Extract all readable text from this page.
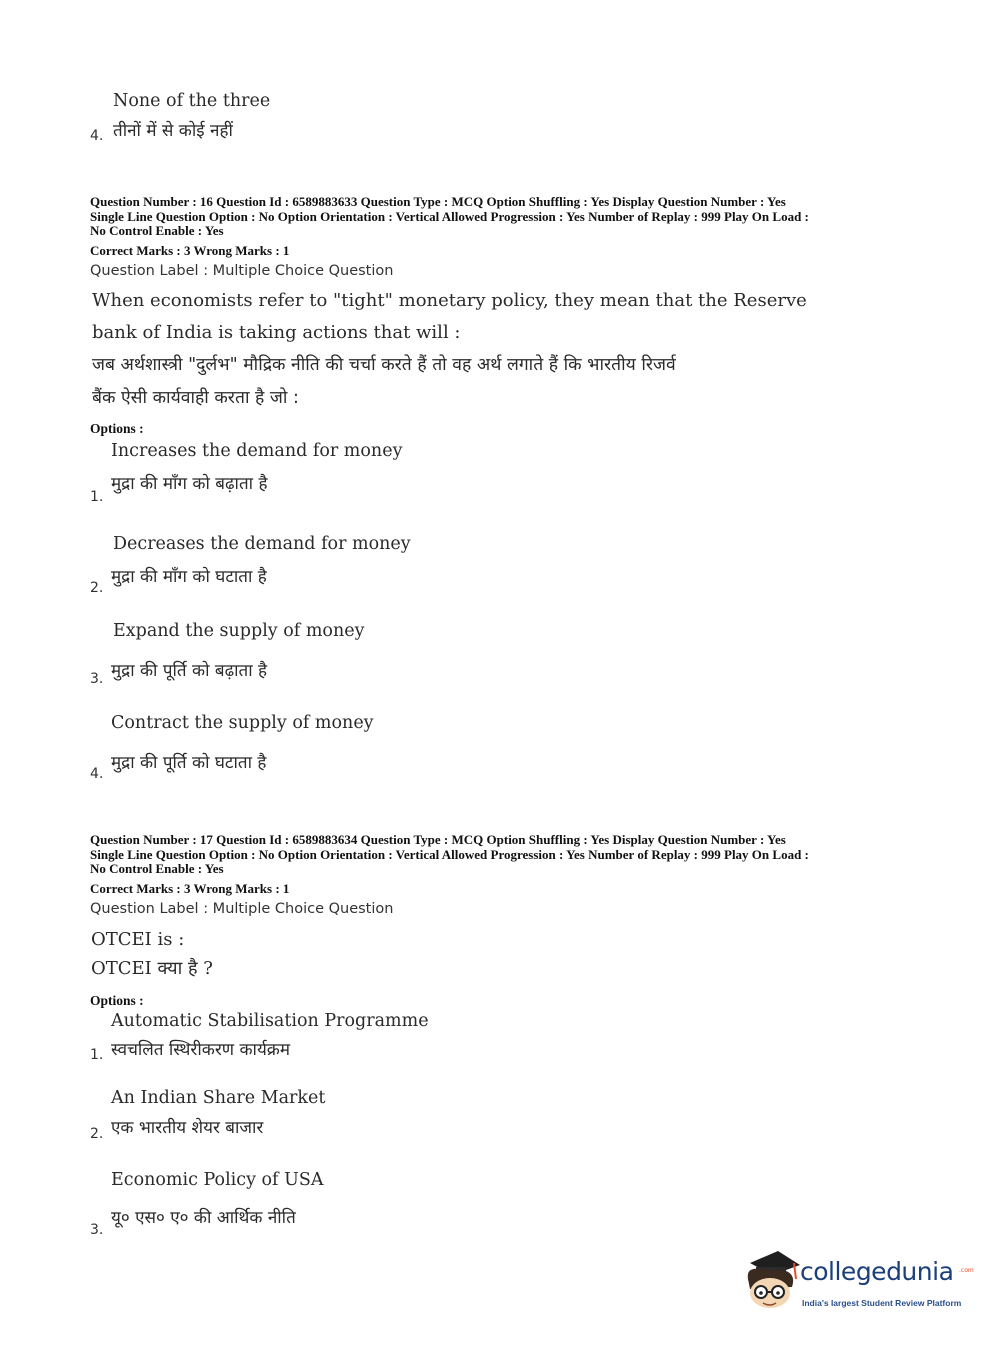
None of the three
4. तीनों में से कोई नहीं
Question Number : 16 Question Id : 6589883633 Question Type : MCQ Option Shuffling : Yes Display Question Number : Yes
Single Line Question Option : No Option Orientation : Vertical Allowed Progression : Yes Number of Replay : 999 Play On Load :
No Control Enable : Yes
Correct Marks : 3 Wrong Marks : 1
Question Label : Multiple Choice Question
When economists refer to "tight" monetary policy, they mean that the Reserve
bank of India is taking actions that will :
जब अर्थशास्त्री "दुर्लभ" मौद्रिक नीति की चर्चा करते हैं तो वह अर्थ लगाते हैं कि भारतीय रिजर्व
बैंक ऐसी कार्यवाही करता है जो :
Options :
Increases the demand for money
मुद्रा की माँग को बढ़ाता है
1.
Decreases the demand for money
मुद्रा की माँग को घटाता है
2.
Expand the supply of money
मुद्रा की पूर्ति को बढ़ाता है
3.
Contract the supply of money
मुद्रा की पूर्ति को घटाता है
4.
Question Number : 17 Question Id : 6589883634 Question Type : MCQ Option Shuffling : Yes Display Question Number : Yes
Single Line Question Option : No Option Orientation : Vertical Allowed Progression : Yes Number of Replay : 999 Play On Load :
No Control Enable : Yes
Correct Marks : 3 Wrong Marks : 1
Question Label : Multiple Choice Question
OTCEI is :
OTCEI क्या है ?
Options :
Automatic Stabilisation Programme
स्वचलित स्थिरीकरण कार्यक्रम
1.
An Indian Share Market
एक भारतीय शेयर बाजार
2.
Economic Policy of USA
यू० एस० ए० की आर्थिक नीति
3.
collegedunia .com
India's largest Student Review Platform
